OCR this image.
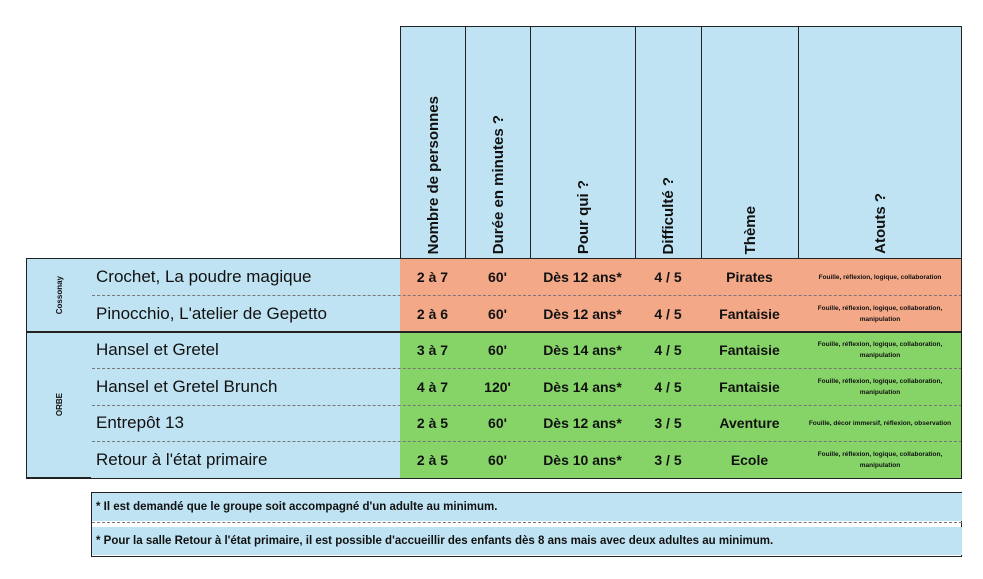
Nombre de personnes	Durée en minutes ?	Pour qui ?	Difficulté ?	Thème	Atouts ?
Cossonay
ORBE
Crochet, La poudre magique	2 à 7	60'	Dès 12 ans*	4 / 5	Pirates	Fouille, réflexion, logique, collaboration
Pinocchio, L'atelier de Gepetto	2 à 6	60'	Dès 12 ans*	4 / 5	Fantaisie	Fouille, réflexion, logique, collaboration,
manipulation
Hansel et Gretel	3 à 7	60'	Dès 14 ans*	4 / 5	Fantaisie	Fouille, réflexion, logique, collaboration,
manipulation
Hansel et Gretel Brunch	4 à 7	120'	Dès 14 ans*	4 / 5	Fantaisie	Fouille, réflexion, logique, collaboration,
manipulation
Entrepôt 13	2 à 5	60'	Dès 12 ans*	3 / 5	Aventure	Fouille, décor immersif, réflexion, observation
Retour à l'état primaire	2 à 5	60'	Dès 10 ans*	3 / 5	Ecole	Fouille, réflexion, logique, collaboration,
manipulation
* Il est demandé que le groupe soit accompagné d'un adulte au minimum.
* Pour la salle Retour à l'état primaire, il est possible d'accueillir des enfants dès 8 ans mais avec deux adultes au minimum.
